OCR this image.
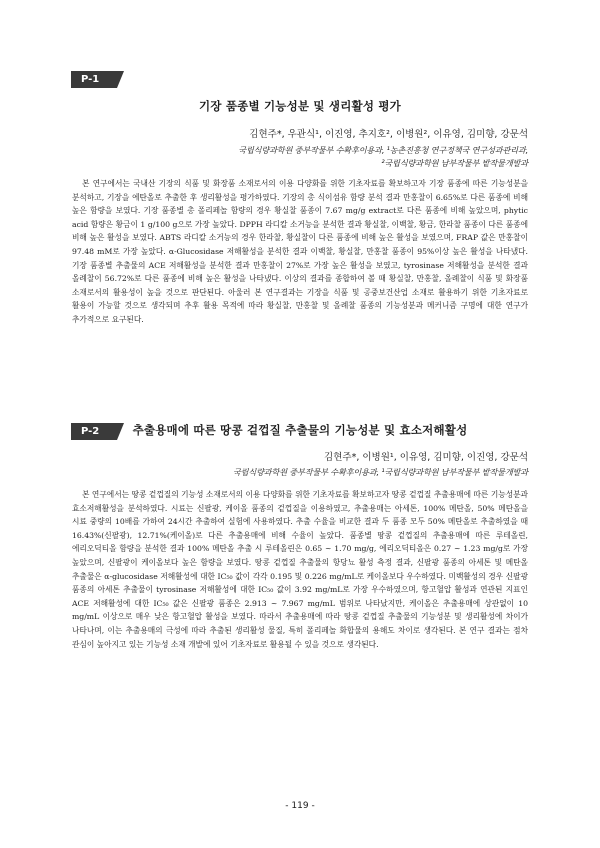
P-1
기장 품종별 기능성분 및 생리활성 평가
김현주*, 우관식¹, 이진영, 추지호², 이병원², 이유영, 김미향, 강문석
국립식량과학원 중부작물부 수확후이용과, ¹농촌진흥청 연구정책국 연구성과관리과,
²국립식량과학원 남부작물부 밭작물개발과

본 연구에서는 국내산 기장의 식품 및 화장품 소재로서의 이용 다양화를 위한 기초자료를 확보하고자 기장 품종에 따른 기능성분을 분석하고, 기장을 에탄올로 추출한 후 생리활성을 평가하였다. 기장의 총 식이섬유 함량 분석 결과 만홍찰이 6.65%로 다른 품종에 비해 높은 함량을 보였다. 기장 품종별 총 폴리페놀 함량의 경우 황실찰 품종이 7.67 mg/g extract로 다른 품종에 비해 높았으며, phytic acid 함량은 황금이 1 g/100 g으로 가장 높았다. DPPH 라디칼 소거능을 분석한 결과 황실찰, 이백찰, 황금, 한라찰 품종이 다른 품종에 비해 높은 활성을 보였다. ABTS 라디칼 소거능의 경우 한라찰, 황실찰이 다른 품종에 비해 높은 활성을 보였으며, FRAP 값은 만홍찰이 97.48 mM로 가장 높았다. α-Glucosidase 저해활성을 분석한 결과 이백찰, 황실찰, 만홍찰 품종이 95%이상 높은 활성을 나타냈다. 기장 품종별 추출물의 ACE 저해활성을 분석한 결과 만홍찰이 27%로 가장 높은 활성을 보였고, tyrosinase 저해활성을 분석한 결과 올례찰이 56.72%로 다른 품종에 비해 높은 활성을 나타냈다. 이상의 결과를 종합하여 볼 때 황실찰, 만홍찰, 올례찰이 식품 및 화장품 소재로서의 활용성이 높을 것으로 판단된다. 아울러 본 연구결과는 기장을 식품 및 공중보건산업 소재로 활용하기 위한 기초자료로 활용이 가능할 것으로 생각되며 추후 활용 목적에 따라 황실찰, 만홍찰 및 올례찰 품종의 기능성분과 메커니즘 구명에 대한 연구가 추가적으로 요구된다.

P-2	추출용매에 따른 땅콩 겉껍질 추출물의 기능성분 및 효소저해활성
김현주*, 이병원¹, 이유영, 김미향, 이진영, 강문석
국립식량과학원 중부작물부 수확후이용과, ¹국립식량과학원 남부작물부 밭작물개발과

본 연구에서는 땅콩 겉껍질의 기능성 소재로서의 이용 다양화를 위한 기초자료를 확보하고자 땅콩 겉껍질 추출용매에 따른 기능성분과 효소저해활성을 분석하였다. 시료는 신팔광, 케이올 품종의 겉껍질을 이용하였고, 추출용매는 아세톤, 100% 메탄올, 50% 메탄올을 시료 중량의 10배를 가하여 24시간 추출하여 실험에 사용하였다. 추출 수율을 비교한 결과 두 품종 모두 50% 메탄올로 추출하였을 때 16.43%(신팔광), 12.71%(케이올)로 다른 추출용매에 비해 수율이 높았다. 품종별 땅콩 겉껍질의 추출용매에 따른 루테올린, 에리오딕티올 함량을 분석한 결과 100% 메탄올 추출 시 루테올린은 0.65 ~ 1.70 mg/g, 에리오딕티올은 0.27 ~ 1.23 mg/g로 가장 높았으며, 신팔광이 케이올보다 높은 함량을 보였다. 땅콩 겉껍질 추출물의 항당뇨 활성 측정 결과, 신팔광 품종의 아세톤 및 메탄올 추출물은 α-glucosidase 저해활성에 대한 IC₅₀ 값이 각각 0.195 및 0.226 mg/mL로 케이올보다 우수하였다. 미백활성의 경우 신팔광 품종의 아세톤 추출물이 tyrosinase 저해활성에 대한 IC₅₀ 값이 3.92 mg/mL로 가장 우수하였으며, 항고혈압 활성과 연관된 지표인 ACE 저해활성에 대한 IC₅₀ 값은 신팔광 품종은 2.913 ~ 7.967 mg/mL 범위로 나타났지만, 케이올은 추출용매에 상관없이 10 mg/mL 이상으로 매우 낮은 항고혈압 활성을 보였다. 따라서 추출용매에 따라 땅콩 겉껍질 추출물의 기능성분 및 생리활성에 차이가 나타나며, 이는 추출용매의 극성에 따라 추출된 생리활성 물질, 특히 폴리페놀 화합물의 용해도 차이로 생각된다. 본 연구 결과는 점차 관심이 높아지고 있는 기능성 소재 개발에 있어 기초자료로 활용될 수 있을 것으로 생각된다.

- 119 -
